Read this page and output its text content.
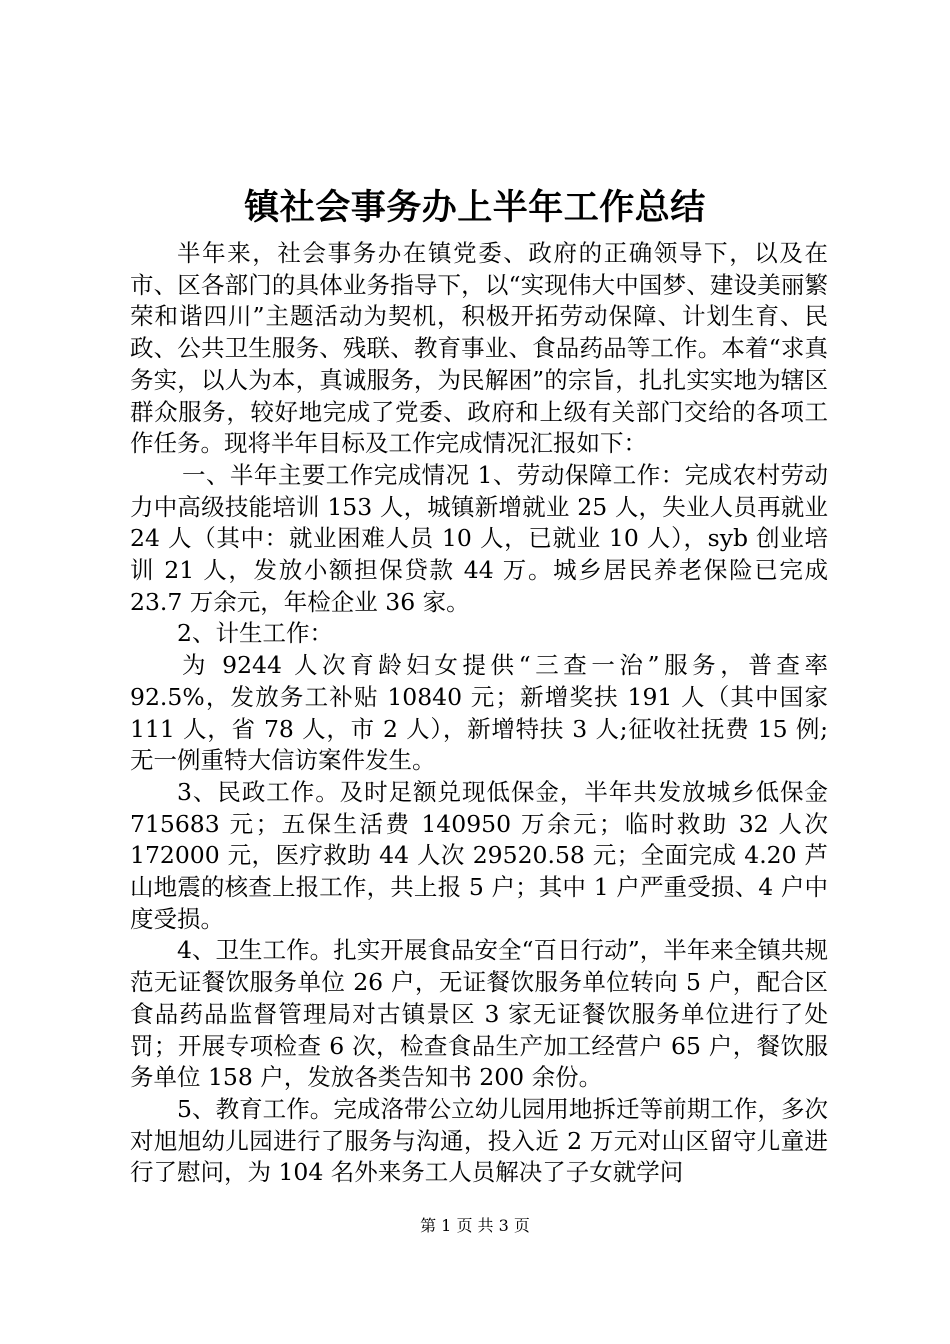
镇社会事务办上半年工作总结

半年来，社会事务办在镇党委、政府的正确领导下，以及在市、区各部门的具体业务指导下，以“实现伟大中国梦、建设美丽繁荣和谐四川”主题活动为契机，积极开拓劳动保障、计划生育、民政、公共卫生服务、残联、教育事业、食品药品等工作。本着“求真务实，以人为本，真诚服务，为民解困”的宗旨，扎扎实实地为辖区群众服务，较好地完成了党委、政府和上级有关部门交给的各项工作任务。现将半年目标及工作完成情况汇报如下：

一、半年主要工作完成情况 1、劳动保障工作：完成农村劳动力中高级技能培训 153 人，城镇新增就业 25 人，失业人员再就业 24 人（其中：就业困难人员 10 人，已就业 10 人），syb 创业培训 21 人，发放小额担保贷款 44 万。城乡居民养老保险已完成 23.7 万余元，年检企业 36 家。

2、计生工作：

为 9244 人次育龄妇女提供“三查一治”服务，普查率 92.5%，发放务工补贴 10840 元；新增奖扶 191 人（其中国家 111 人，省 78 人，市 2 人），新增特扶 3 人;征收社抚费 15 例;无一例重特大信访案件发生。

3、民政工作。及时足额兑现低保金，半年共发放城乡低保金 715683 元；五保生活费 140950 万余元；临时救助 32 人次 172000 元，医疗救助 44 人次 29520.58 元；全面完成 4.20 芦山地震的核查上报工作，共上报 5 户；其中 1 户严重受损、4 户中度受损。

4、卫生工作。扎实开展食品安全“百日行动”，半年来全镇共规范无证餐饮服务单位 26 户，无证餐饮服务单位转向 5 户，配合区食品药品监督管理局对古镇景区 3 家无证餐饮服务单位进行了处罚；开展专项检查 6 次，检查食品生产加工经营户 65 户，餐饮服务单位 158 户，发放各类告知书 200 余份。

5、教育工作。完成洛带公立幼儿园用地拆迁等前期工作，多次对旭旭幼儿园进行了服务与沟通，投入近 2 万元对山区留守儿童进行了慰问，为 104 名外来务工人员解决了子女就学问

第 1 页 共 3 页
